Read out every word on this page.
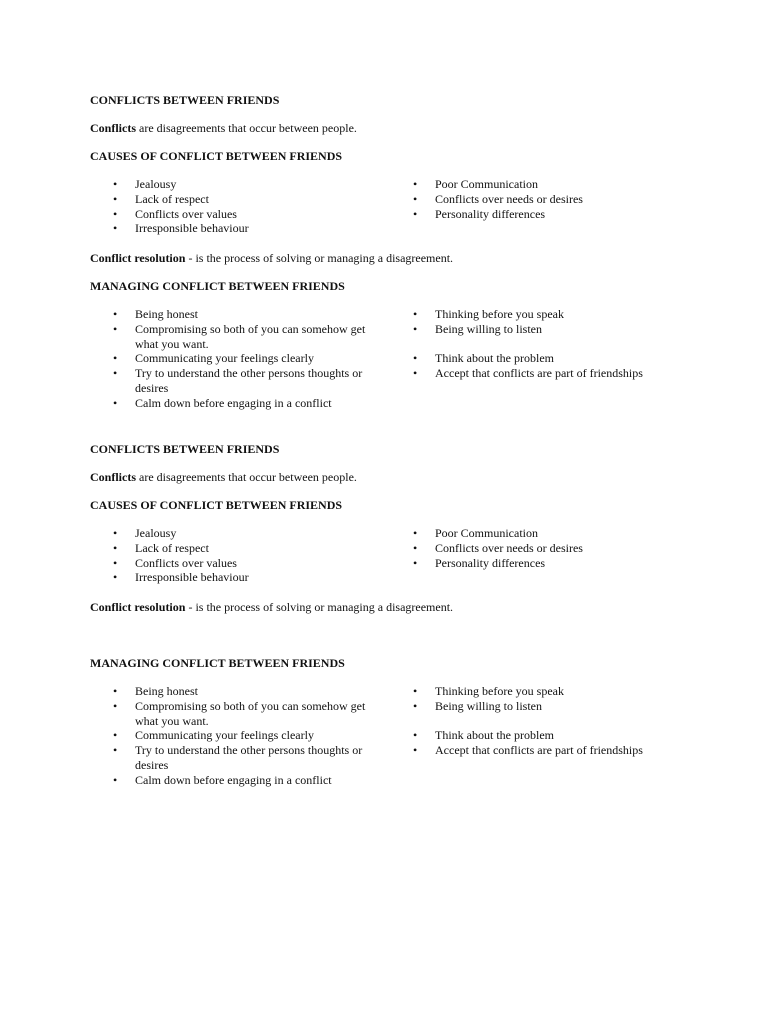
CONFLICTS BETWEEN FRIENDS
Conflicts are disagreements that occur between people.
CAUSES OF CONFLICT BETWEEN FRIENDS
• Jealousy
• Lack of respect
• Conflicts over values
• Irresponsible behaviour
• Poor Communication
• Conflicts over needs or desires
• Personality differences
Conflict resolution - is the process of solving or managing a disagreement.
MANAGING CONFLICT BETWEEN FRIENDS
• Being honest
• Compromising so both of you can somehow get what you want.
• Communicating your feelings clearly
• Try to understand the other persons thoughts or desires
• Calm down before engaging in a conflict
• Thinking before you speak
• Being willing to listen
• Think about the problem
• Accept that conflicts are part of friendships
CONFLICTS BETWEEN FRIENDS
Conflicts are disagreements that occur between people.
CAUSES OF CONFLICT BETWEEN FRIENDS
• Jealousy
• Lack of respect
• Conflicts over values
• Irresponsible behaviour
• Poor Communication
• Conflicts over needs or desires
• Personality differences
Conflict resolution - is the process of solving or managing a disagreement.
MANAGING CONFLICT BETWEEN FRIENDS
• Being honest
• Compromising so both of you can somehow get what you want.
• Communicating your feelings clearly
• Try to understand the other persons thoughts or desires
• Calm down before engaging in a conflict
• Thinking before you speak
• Being willing to listen
• Think about the problem
• Accept that conflicts are part of friendships
